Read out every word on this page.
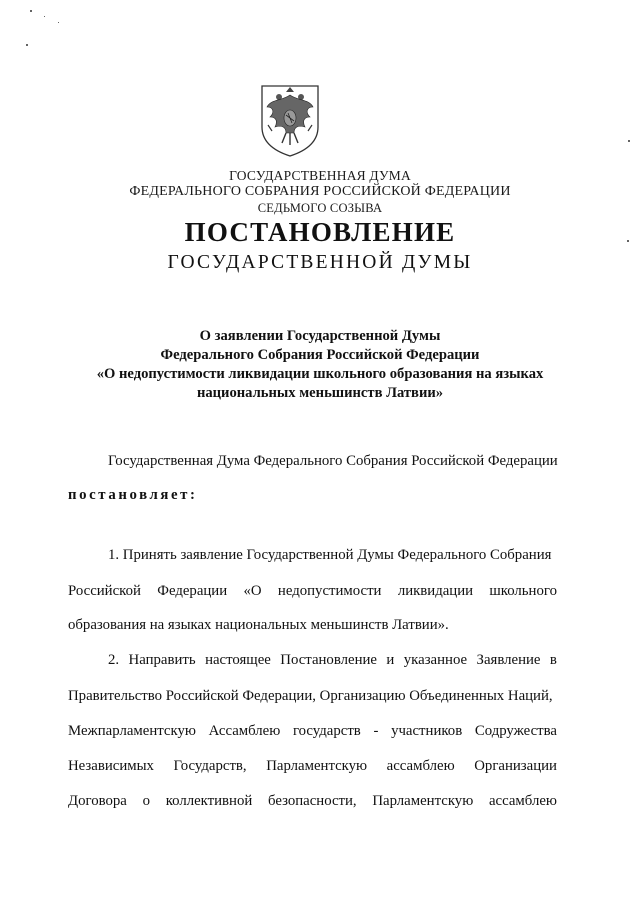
ГОСУДАРСТВЕННАЯ ДУМА
ФЕДЕРАЛЬНОГО СОБРАНИЯ РОССИЙСКОЙ ФЕДЕРАЦИИ
СЕДЬМОГО СОЗЫВА
ПОСТАНОВЛЕНИЕ
ГОСУДАРСТВЕННОЙ ДУМЫ
О заявлении Государственной Думы
Федерального Собрания Российской Федерации
«О недопустимости ликвидации школьного образования на языках
национальных меньшинств Латвии»
Государственная Дума Федерального Собрания Российской Федерации
постановляет:
1. Принять заявление Государственной Думы Федерального Собрания
Российской Федерации «О недопустимости ликвидации школьного
образования на языках национальных меньшинств Латвии».
2. Направить настоящее Постановление и указанное Заявление в
Правительство Российской Федерации, Организацию Объединенных Наций,
Межпарламентскую Ассамблею государств - участников Содружества
Независимых Государств, Парламентскую ассамблею Организации
Договора о коллективной безопасности, Парламентскую ассамблею
